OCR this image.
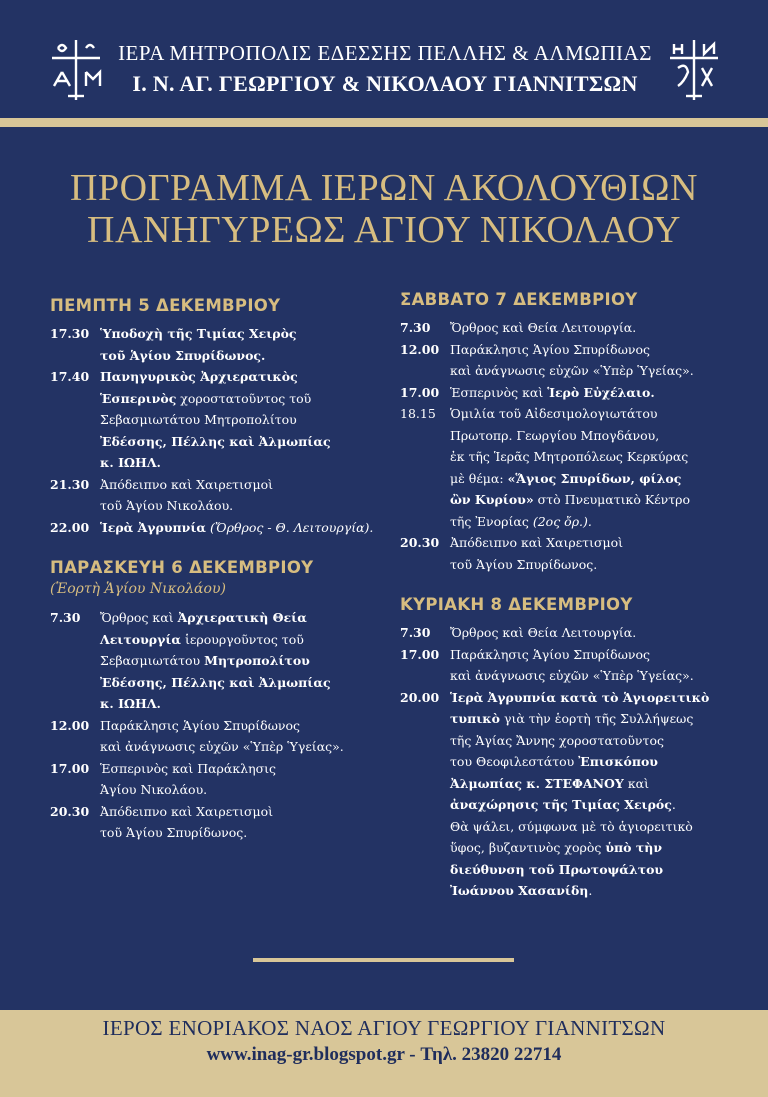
ΙΕΡΑ ΜΗΤΡΟΠΟΛΙΣ ΕΔΕΣΣΗΣ ΠΕΛΛΗΣ & ΑΛΜΩΠΙΑΣ
Ι. Ν. ΑΓ. ΓΕΩΡΓΙΟΥ & ΝΙΚΟΛΑΟΥ ΓΙΑΝΝΙΤΣΩΝ
ΠΡΟΓΡΑΜΜΑ ΙΕΡΩΝ ΑΚΟΛΟΥΘΙΩΝ
ΠΑΝΗΓΥΡΕΩΣ ΑΓΙΟΥ ΝΙΚΟΛΑΟΥ
ΠΕΜΠΤΗ 5 ΔΕΚΕΜΒΡΙΟΥ
17.30 Ὑποδοχὴ τῆς Τιμίας Χειρὸς
τοῦ Ἁγίου Σπυρίδωνος.
17.40 Πανηγυρικὸς Ἀρχιερατικὸς
Ἑσπερινὸς χοροστατοῦντος τοῦ
Σεβασμιωτάτου Μητροπολίτου
Ἐδέσσης, Πέλλης καὶ Ἀλμωπίας
κ. ΙΩΗΛ.
21.30 Ἀπόδειπνο καὶ Χαιρετισμοὶ
τοῦ Ἁγίου Νικολάου.
22.00 Ἱερὰ Ἀγρυπνία (Ὄρθρος - Θ. Λειτουργία).
ΠΑΡΑΣΚΕΥΗ 6 ΔΕΚΕΜΒΡΙΟΥ
(Ἑορτὴ Ἁγίου Νικολάου)
7.30	Ὄρθρος καὶ Ἀρχιερατικὴ Θεία
Λειτουργία ἱερουργοῦντος τοῦ
Σεβασμιωτάτου Μητροπολίτου
Ἐδέσσης, Πέλλης καὶ Ἀλμωπίας
κ. ΙΩΗΛ.
12.00 Παράκλησις Ἁγίου Σπυρίδωνος
καὶ ἀνάγνωσις εὐχῶν «Ὑπὲρ Ὑγείας».
17.00 Ἑσπερινὸς καὶ Παράκλησις
Ἁγίου Νικολάου.
20.30 Ἀπόδειπνο καὶ Χαιρετισμοὶ
τοῦ Ἁγίου Σπυρίδωνος.
ΣΑΒΒΑΤΟ 7 ΔΕΚΕΜΒΡΙΟΥ
7.30	Ὄρθρος καὶ Θεία Λειτουργία.
12.00 Παράκλησις Ἁγίου Σπυρίδωνος
καὶ ἀνάγνωσις εὐχῶν «Ὑπὲρ Ὑγείας».
17.00 Ἑσπερινὸς καὶ Ἱερὸ Εὐχέλαιο.
18.15	Ὁμιλία τοῦ Αἰδεσιμολογιωτάτου
Πρωτοπρ. Γεωργίου Μπογδάνου,
ἐκ τῆς Ἱερᾶς Μητροπόλεως Κερκύρας
μὲ θέμα: «Ἅγιος Σπυρίδων, φίλος
ὢν Κυρίου» στὸ Πνευματικὸ Κέντρο
τῆς Ἐνορίας (2ος ὄρ.).
20.30 Ἀπόδειπνο καὶ Χαιρετισμοὶ
τοῦ Ἁγίου Σπυρίδωνος.
ΚΥΡΙΑΚΗ 8 ΔΕΚΕΜΒΡΙΟΥ
7.30	Ὄρθρος καὶ Θεία Λειτουργία.
17.00 Παράκλησις Ἁγίου Σπυρίδωνος
καὶ ἀνάγνωσις εὐχῶν «Ὑπὲρ Ὑγείας».
20.00 Ἱερὰ Ἀγρυπνία κατὰ τὸ Ἁγιορειτικὸ
τυπικὸ γιὰ τὴν ἑορτὴ τῆς Συλλήψεως
τῆς Ἁγίας Ἄννης χοροστατοῦντος
του Θεοφιλεστάτου Ἐπισκόπου
Ἀλμωπίας κ. ΣΤΕΦΑΝΟΥ καὶ
ἀναχώρησις τῆς Τιμίας Χειρός.
Θὰ ψάλει, σύμφωνα μὲ τὸ ἁγιορειτικὸ
ὕφος, βυζαντινὸς χορὸς ὑπὸ τὴν
διεύθυνση τοῦ Πρωτοψάλτου
Ἰωάννου Χασανίδη.
ΙΕΡΟΣ ΕΝΟΡΙΑΚΟΣ ΝΑΟΣ ΑΓΙΟΥ ΓΕΩΡΓΙΟΥ ΓΙΑΝΝΙΤΣΩΝ
www.inag-gr.blogspot.gr - Τηλ. 23820 22714
